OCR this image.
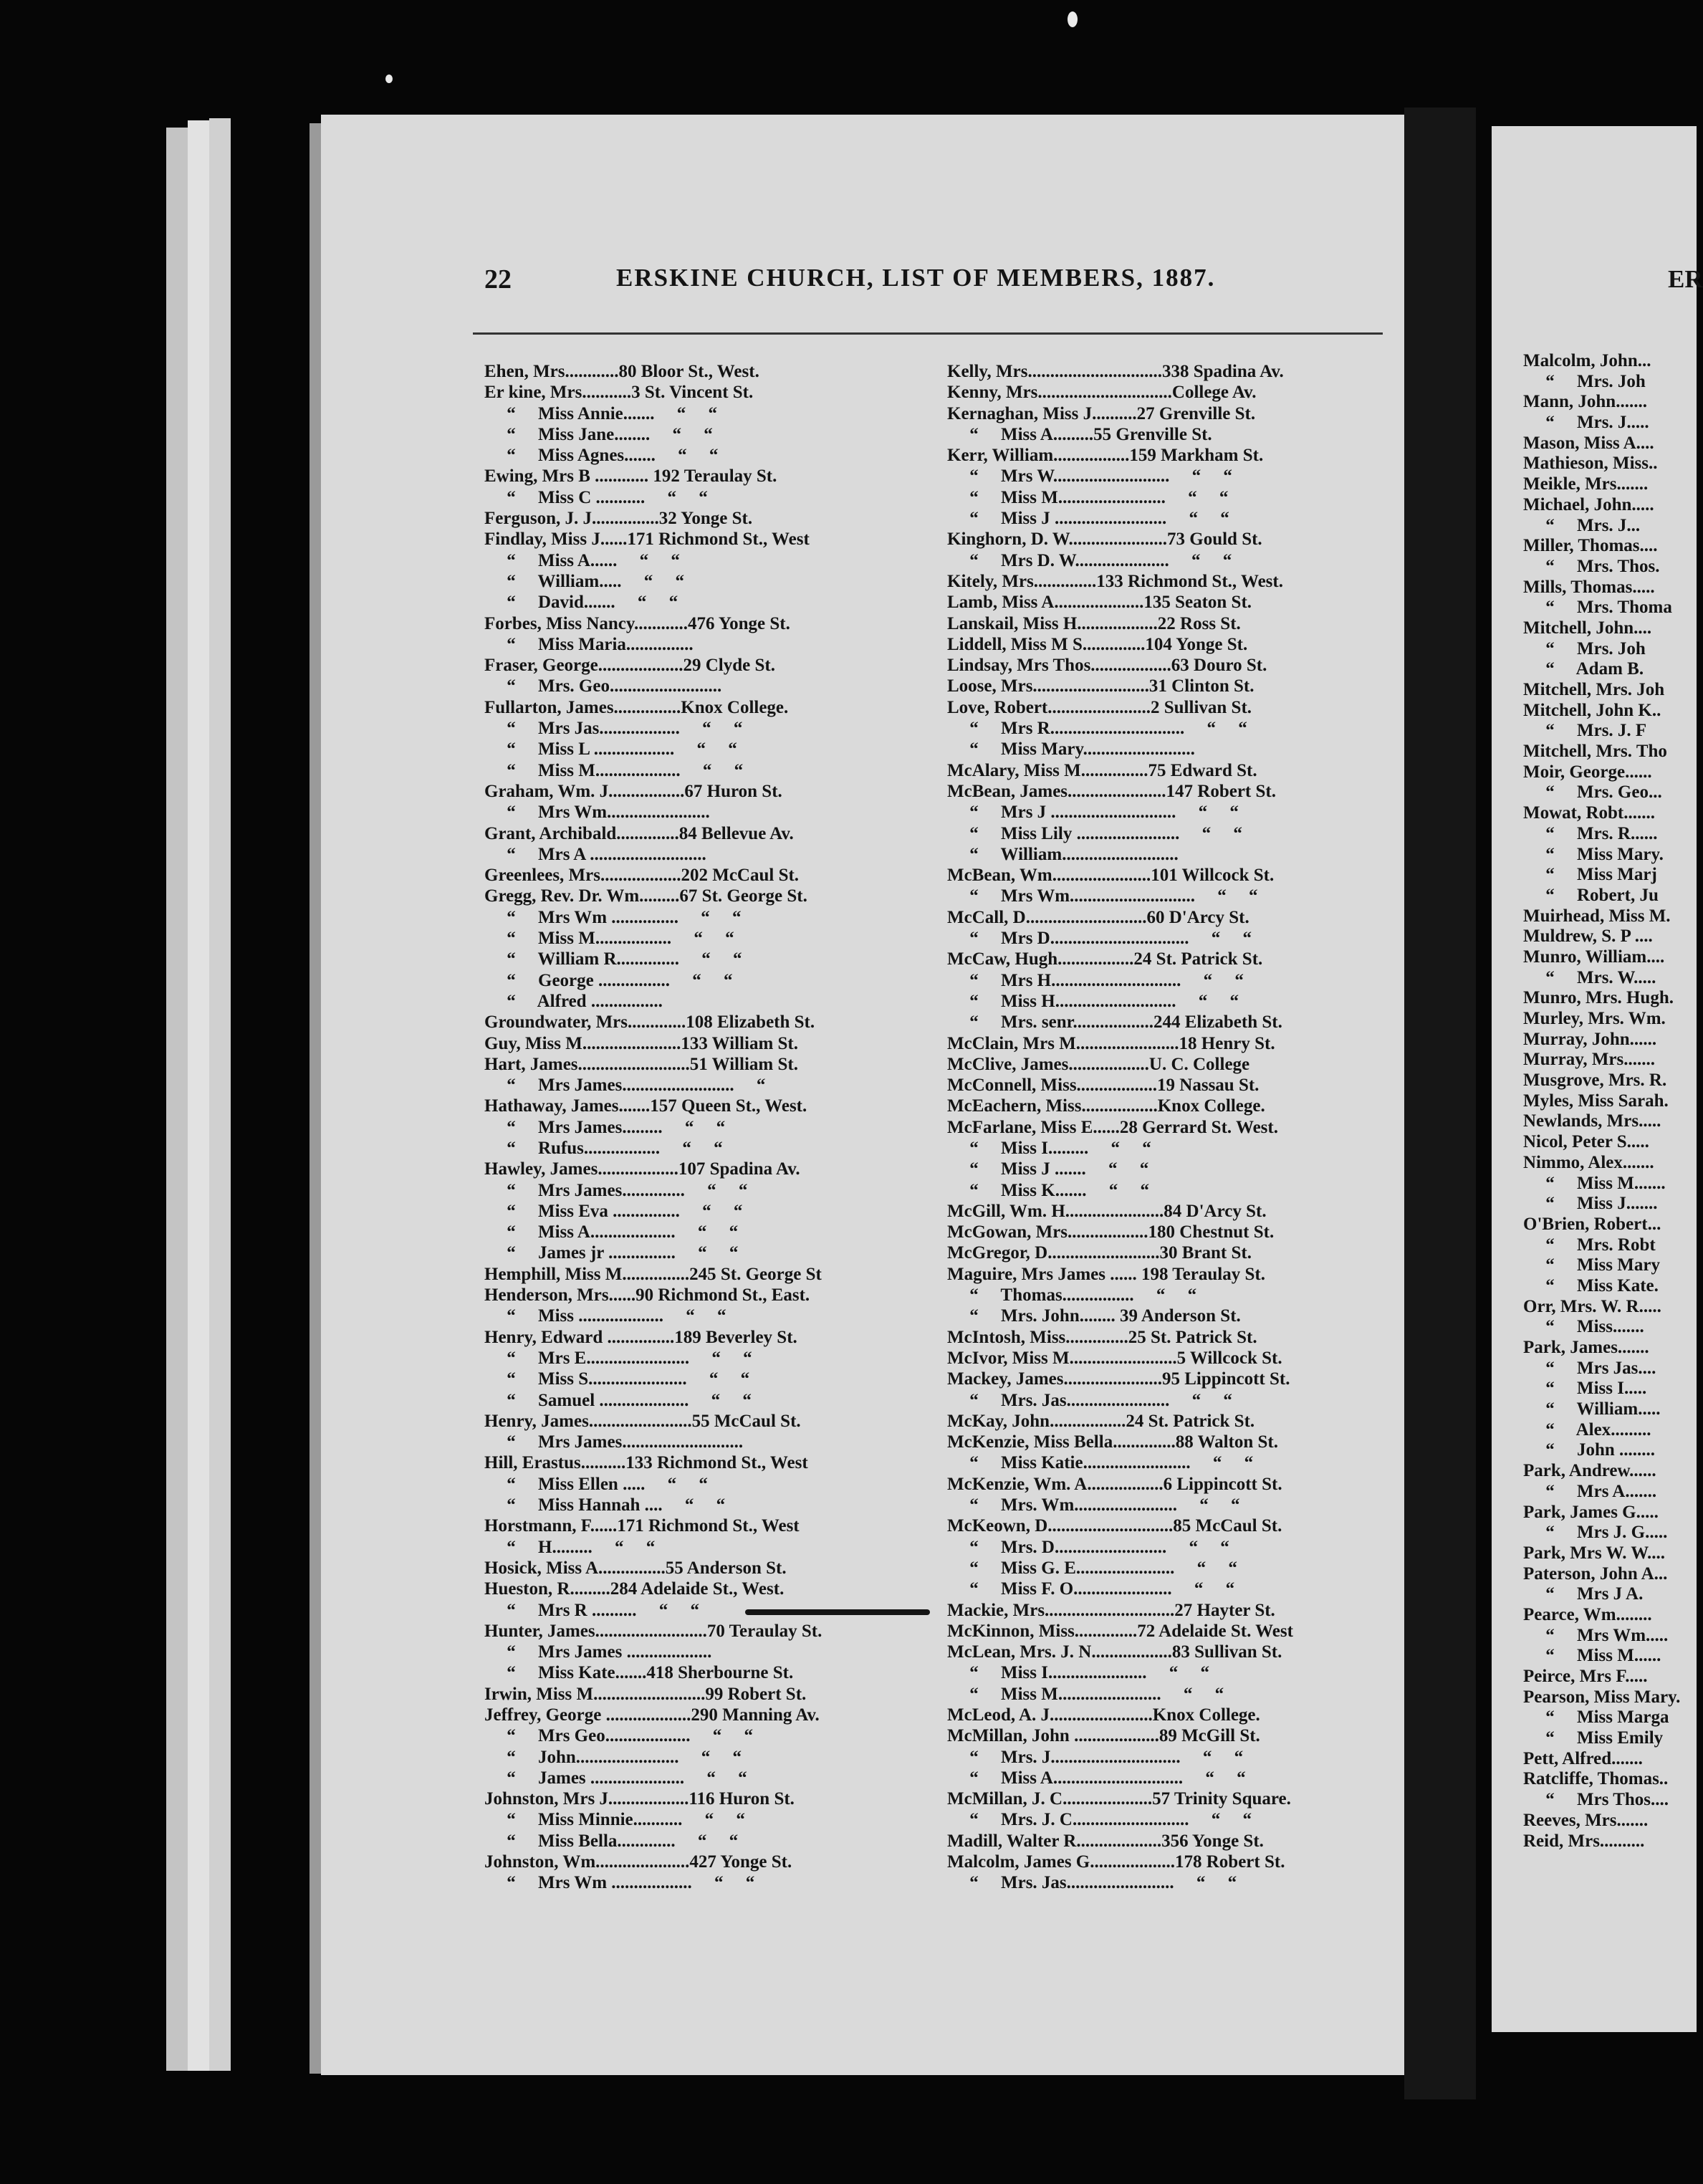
ER
22	ERSKINE CHURCH, LIST OF MEMBERS, 1887.
Ehen, Mrs............80 Bloor St., West.
Er kine, Mrs...........3 St. Vincent St.
“     Miss Annie.......     “     “
“     Miss Jane........     “     “
“     Miss Agnes.......     “     “
Ewing, Mrs B ............ 192 Teraulay St.
“     Miss C ...........     “     “
Ferguson, J. J...............32 Yonge St.
Findlay, Miss J......171 Richmond St., West
“     Miss A......     “     “
“     William.....     “     “
“     David.......     “     “
Forbes, Miss Nancy............476 Yonge St.
“     Miss Maria...............
Fraser, George...................29 Clyde St.
“     Mrs. Geo.........................
Fullarton, James...............Knox College.
“     Mrs Jas..................     “     “
“     Miss L ..................     “     “
“     Miss M...................     “     “
Graham, Wm. J.................67 Huron St.
“     Mrs Wm.......................
Grant, Archibald..............84 Bellevue Av.
“     Mrs A ..........................
Greenlees, Mrs..................202 McCaul St.
Gregg, Rev. Dr. Wm.........67 St. George St.
“     Mrs Wm ...............     “     “
“     Miss M.................     “     “
“     William R..............     “     “
“     George ................     “     “
“     Alfred ................
Groundwater, Mrs.............108 Elizabeth St.
Guy, Miss M......................133 William St.
Hart, James.........................51 William St.
“     Mrs James.........................     “
Hathaway, James.......157 Queen St., West.
“     Mrs James.........     “     “
“     Rufus.................     “     “
Hawley, James..................107 Spadina Av.
“     Mrs James..............     “     “
“     Miss Eva ...............     “     “
“     Miss A...................     “     “
“     James jr ...............     “     “
Hemphill, Miss M...............245 St. George St
Henderson, Mrs......90 Richmond St., East.
“     Miss ...................     “     “
Henry, Edward ...............189 Beverley St.
“     Mrs E.......................     “     “
“     Miss S......................     “     “
“     Samuel ....................     “     “
Henry, James.......................55 McCaul St.
“     Mrs James...........................
Hill, Erastus..........133 Richmond St., West
“     Miss Ellen .....     “     “
“     Miss Hannah ....     “     “
Horstmann, F......171 Richmond St., West
“     H.........     “     “
Hosick, Miss A...............55 Anderson St.
Hueston, R.........284 Adelaide St., West.
“     Mrs R ..........     “     “
Hunter, James.........................70 Teraulay St.
“     Mrs James ...................
“     Miss Kate.......418 Sherbourne St.
Irwin, Miss M.........................99 Robert St.
Jeffrey, George ...................290 Manning Av.
“     Mrs Geo...................     “     “
“     John.......................     “     “
“     James .....................     “     “
Johnston, Mrs J..................116 Huron St.
“     Miss Minnie...........     “     “
“     Miss Bella.............     “     “
Johnston, Wm.....................427 Yonge St.
“     Mrs Wm ..................     “     “
Kelly, Mrs..............................338 Spadina Av.
Kenny, Mrs..............................College Av.
Kernaghan, Miss J..........27 Grenville St.
“     Miss A.........55 Grenville St.
Kerr, William.................159 Markham St.
“     Mrs W..........................     “     “
“     Miss M........................     “     “
“     Miss J .........................     “     “
Kinghorn, D. W......................73 Gould St.
“     Mrs D. W.....................     “     “
Kitely, Mrs..............133 Richmond St., West.
Lamb, Miss A....................135 Seaton St.
Lanskail, Miss H..................22 Ross St.
Liddell, Miss M S..............104 Yonge St.
Lindsay, Mrs Thos..................63 Douro St.
Loose, Mrs..........................31 Clinton St.
Love, Robert.......................2 Sullivan St.
“     Mrs R..............................     “     “
“     Miss Mary.........................
McAlary, Miss M...............75 Edward St.
McBean, James......................147 Robert St.
“     Mrs J ............................     “     “
“     Miss Lily .......................     “     “
“     William..........................
McBean, Wm......................101 Willcock St.
“     Mrs Wm............................     “     “
McCall, D...........................60 D'Arcy St.
“     Mrs D...............................     “     “
McCaw, Hugh.................24 St. Patrick St.
“     Mrs H.............................     “     “
“     Miss H...........................     “     “
“     Mrs. senr..................244 Elizabeth St.
McClain, Mrs M.......................18 Henry St.
McClive, James..................U. C. College
McConnell, Miss..................19 Nassau St.
McEachern, Miss.................Knox College.
McFarlane, Miss E......28 Gerrard St. West.
“     Miss I.........     “     “
“     Miss J .......     “     “
“     Miss K.......     “     “
McGill, Wm. H......................84 D'Arcy St.
McGowan, Mrs..................180 Chestnut St.
McGregor, D.........................30 Brant St.
Maguire, Mrs James ...... 198 Teraulay St.
“     Thomas................     “     “
“     Mrs. John........ 39 Anderson St.
McIntosh, Miss..............25 St. Patrick St.
McIvor, Miss M........................5 Willcock St.
Mackey, James......................95 Lippincott St.
“     Mrs. Jas.......................     “     “
McKay, John.................24 St. Patrick St.
McKenzie, Miss Bella..............88 Walton St.
“     Miss Katie........................     “     “
McKenzie, Wm. A.................6 Lippincott St.
“     Mrs. Wm.......................     “     “
McKeown, D............................85 McCaul St.
“     Mrs. D.........................     “     “
“     Miss G. E......................     “     “
“     Miss F. O......................     “     “
Mackie, Mrs.............................27 Hayter St.
McKinnon, Miss..............72 Adelaide St. West
McLean, Mrs. J. N..................83 Sullivan St.
“     Miss I......................     “     “
“     Miss M.......................     “     “
McLeod, A. J.......................Knox College.
McMillan, John ...................89 McGill St.
“     Mrs. J.............................     “     “
“     Miss A.............................     “     “
McMillan, J. C....................57 Trinity Square.
“     Mrs. J. C..........................     “     “
Madill, Walter R...................356 Yonge St.
Malcolm, James G...................178 Robert St.
“     Mrs. Jas........................     “     “
Malcolm, John...
“     Mrs. Joh
Mann, John.......
“     Mrs. J.....
Mason, Miss A....
Mathieson, Miss..
Meikle, Mrs.......
Michael, John.....
“     Mrs. J...
Miller, Thomas....
“     Mrs. Thos.
Mills, Thomas.....
“     Mrs. Thoma
Mitchell, John....
“     Mrs. Joh
“     Adam B.
Mitchell, Mrs. Joh
Mitchell, John K..
“     Mrs. J. F
Mitchell, Mrs. Tho
Moir, George......
“     Mrs. Geo...
Mowat, Robt.......
“     Mrs. R......
“     Miss Mary.
“     Miss Marj
“     Robert, Ju
Muirhead, Miss M.
Muldrew, S. P ....
Munro, William....
“     Mrs. W.....
Munro, Mrs. Hugh.
Murley, Mrs. Wm.
Murray, John......
Murray, Mrs.......
Musgrove, Mrs. R.
Myles, Miss Sarah.
Newlands, Mrs.....
Nicol, Peter S.....
Nimmo, Alex.......
“     Miss M.......
“     Miss J.......
O'Brien, Robert...
“     Mrs. Robt
“     Miss Mary
“     Miss Kate.
Orr, Mrs. W. R.....
“     Miss.......
Park, James.......
“     Mrs Jas....
“     Miss I.....
“     William.....
“     Alex.........
“     John ........
Park, Andrew......
“     Mrs A.......
Park, James G.....
“     Mrs J. G.....
Park, Mrs W. W....
Paterson, John A...
“     Mrs J A.
Pearce, Wm........
“     Mrs Wm.....
“     Miss M......
Peirce, Mrs F.....
Pearson, Miss Mary.
“     Miss Marga
“     Miss Emily
Pett, Alfred.......
Ratcliffe, Thomas..
“     Mrs Thos....
Reeves, Mrs.......
Reid, Mrs..........
